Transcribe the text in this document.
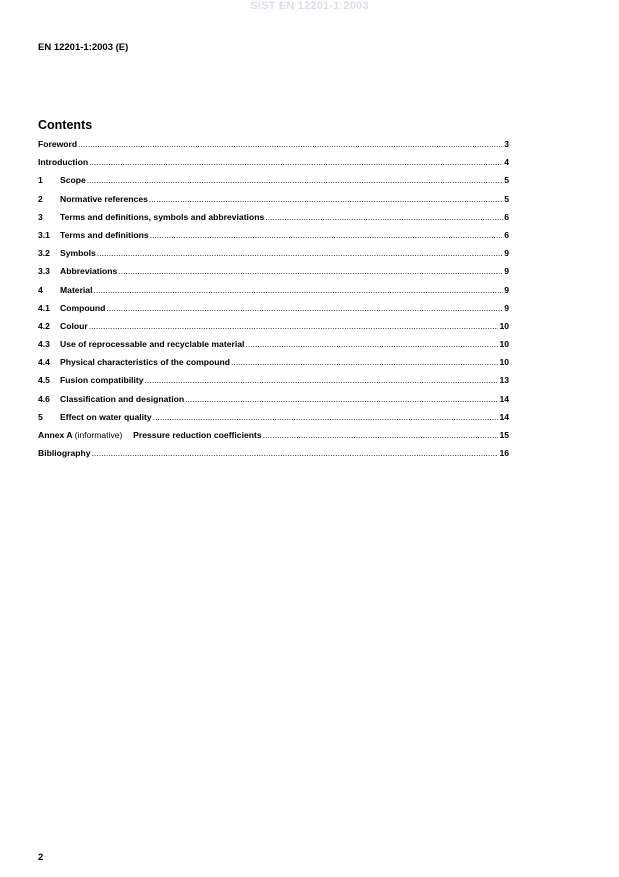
SIST EN 12201-1:2003
EN 12201-1:2003 (E)
Contents
Foreword .....	3
Introduction .....	4
1	Scope .....	5
2	Normative references .....	5
3	Terms and definitions, symbols and abbreviations .....	6
3.1	Terms and definitions .....	6
3.2	Symbols .....	9
3.3	Abbreviations .....	9
4	Material .....	9
4.1	Compound .....	9
4.2	Colour .....	10
4.3	Use of reprocessable and recyclable material .....	10
4.4	Physical characteristics of the compound .....	10
4.5	Fusion compatibility .....	13
4.6	Classification and designation .....	14
5	Effect on water quality .....	14
Annex A (informative) Pressure reduction coefficients .....	15
Bibliography .....	16
2
